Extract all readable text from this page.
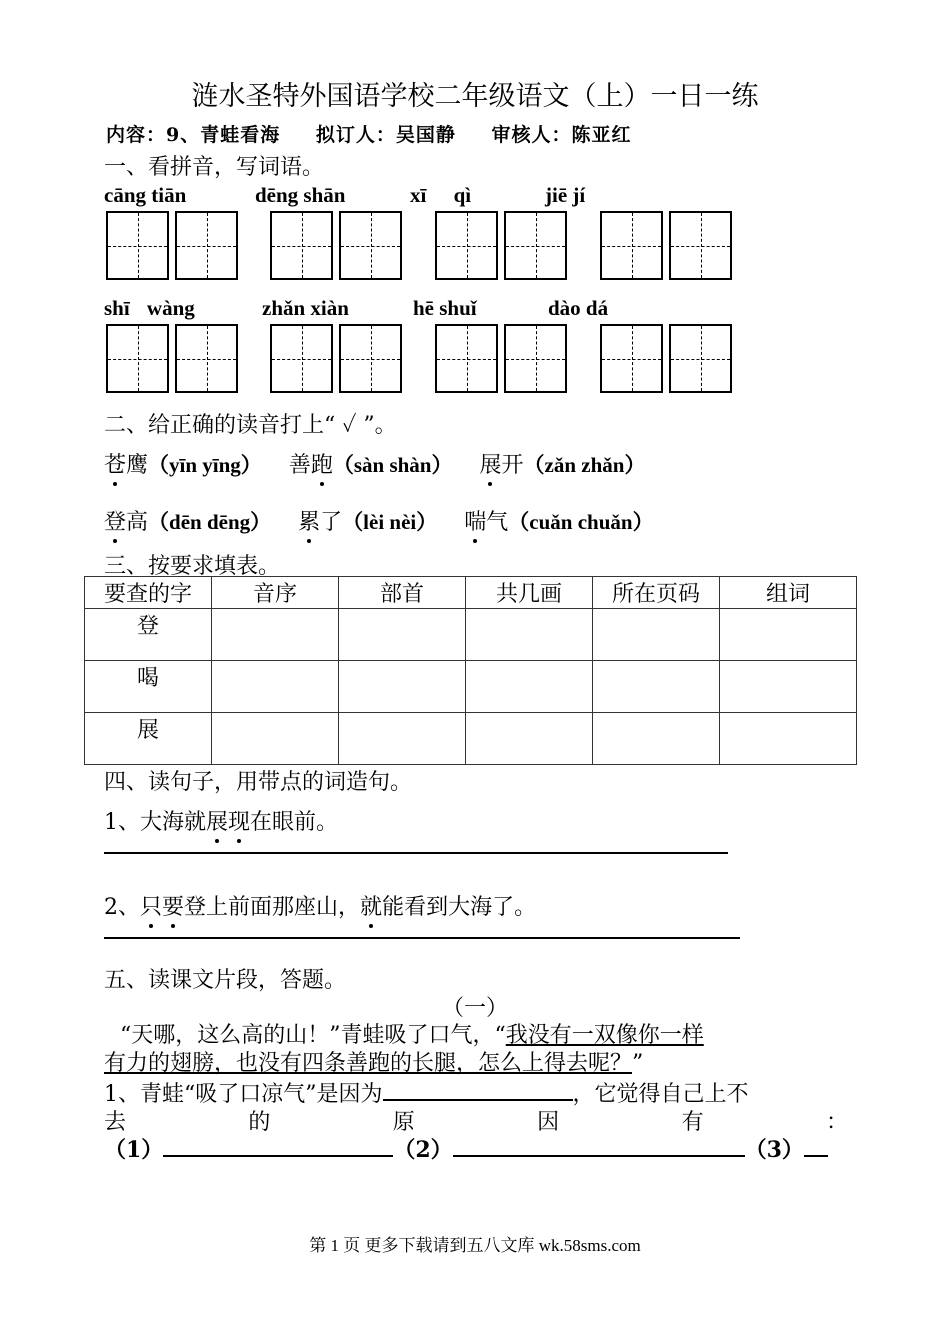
涟水圣特外国语学校二年级语文（上）一日一练
内容：9、青蛙看海 拟订人：吴国静 审核人：陈亚红
一、看拼音，写词语。
cāng tiān	dēng shān	xī qì	jiē jí
shī wàng	zhǎn xiàn	hē shuǐ	dào dá
二、给正确的读音打上“ ✓ ”。
苍鹰（yīn yīng） 善跑（sàn shàn） 展开（zǎn zhǎn）
登高（dēn dēng） 累了（lèi nèi） 喘气（cuǎn chuǎn）
三、按要求填表。
要查的字	音序	部首	共几画	所在页码	组词
登					
喝					
展					
四、读句子，用带点的词造句。
1、大海就展现在眼前。
2、只要登上前面那座山，就能看到大海了。
五、读课文片段，答题。
（一）
“天哪，这么高的山！”青蛙吸了口气，“我没有一双像你一样
有力的翅膀，也没有四条善跑的长腿，怎么上得去呢？”
1、青蛙“吸了口凉气”是因为	，它觉得自己上不
去	的	原	因	有	：
（1）	（2）	（3）
第 1 页 更多下载请到五八文库 wk.58sms.com
